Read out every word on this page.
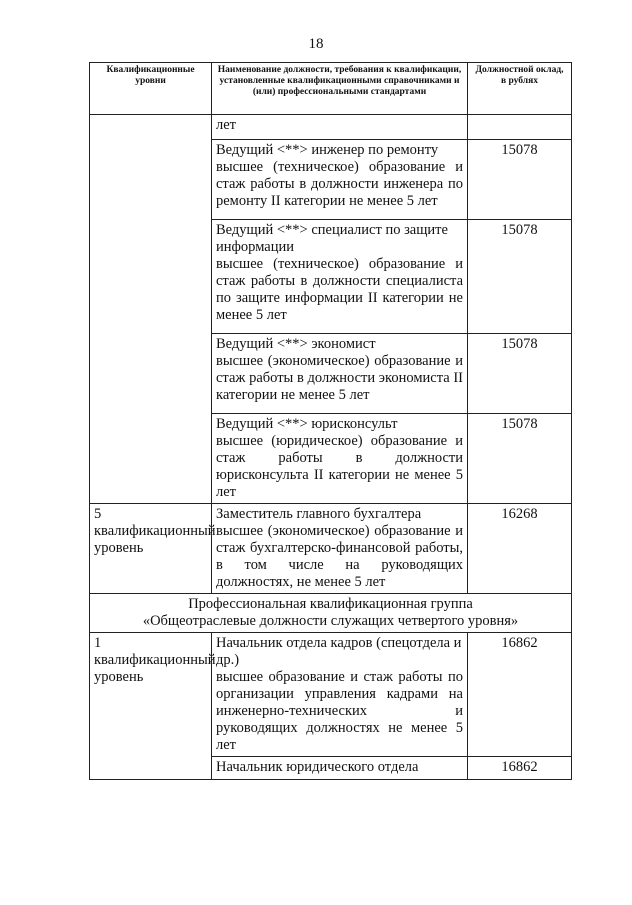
18
Квалификационные уровни	Наименование должности, требования к квалификации, установленные квалификационными справочниками и (или) профессиональными стандартами	Должностной оклад, в рублях
	лет	

	Ведущий <**> инженер по ремонту
высшее (техническое) образование и стаж работы в должности инженера по ремонту II категории не менее 5 лет	15078

	Ведущий <**> специалист по защите информации
высшее (техническое) образование и стаж работы в должности специалиста по защите информации II категории не менее 5 лет	15078

	Ведущий <**> экономист
высшее (экономическое) образование и стаж работы в должности экономиста II категории не менее 5 лет	15078

	Ведущий <**> юрисконсульт
высшее (юридическое) образование и стаж работы в должности юрисконсульта II категории не менее 5 лет	15078
5 квалификационный уровень	Заместитель главного бухгалтера
высшее (экономическое) образование и стаж бухгалтерско-финансовой работы, в том числе на руководящих должностях, не менее 5 лет	16268

Профессиональная квалификационная группа
«Общеотраслевые должности служащих четвертого уровня»		

1 квалификационный уровень	Начальник отдела кадров (спецотдела и др.)
высшее образование и стаж работы по организации управления кадрами на инженерно-технических и руководящих должностях не менее 5 лет	16862

	Начальник юридического отдела	16862
